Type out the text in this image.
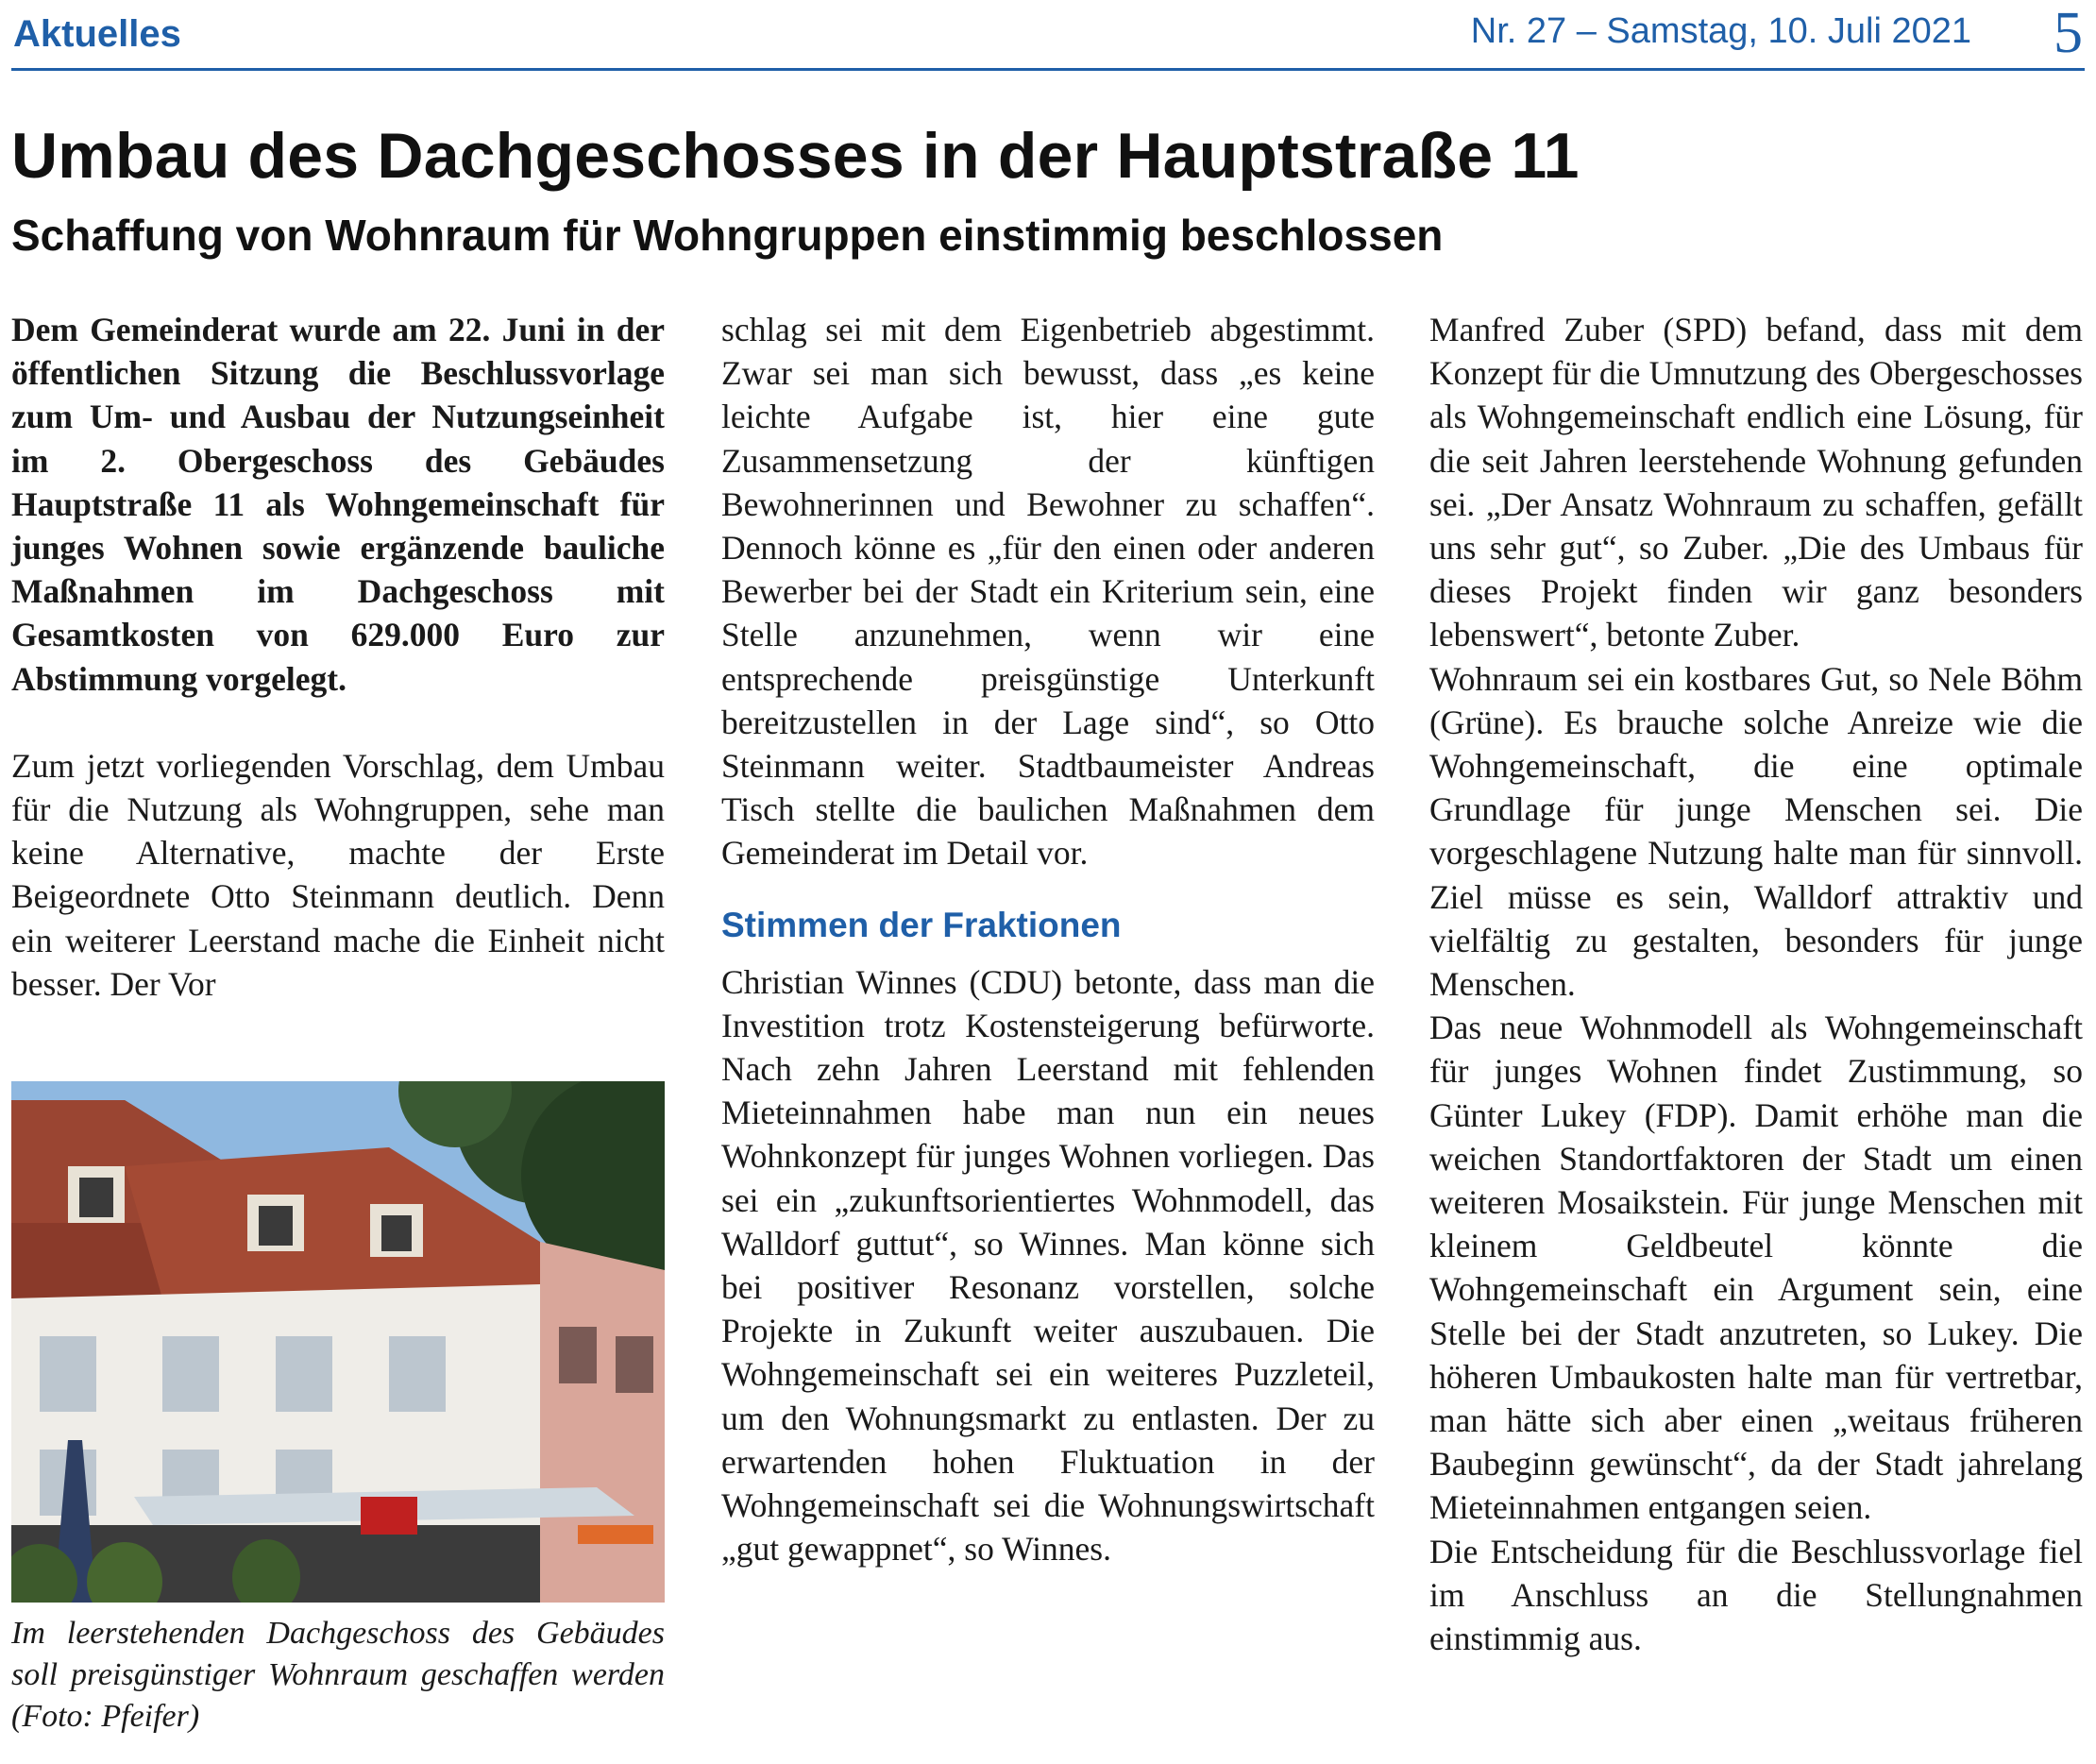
Aktuelles	Nr. 27 – Samstag, 10. Juli 2021 5
Umbau des Dachgeschosses in der Hauptstraße 11
Schaffung von Wohnraum für Wohngruppen einstimmig beschlossen

Dem Gemeinderat wurde am 22. Juni in der öffentlichen Sitzung die Beschlussvorlage zum Um- und Ausbau der Nutzungseinheit im 2. Obergeschoss des Gebäudes Hauptstraße 11 als Wohngemeinschaft für junges Wohnen sowie ergänzende bauliche Maßnahmen im Dachgeschoss mit Gesamtkosten von 629.000 Euro zur Abstimmung vorgelegt.

Zum jetzt vorliegenden Vorschlag, dem Umbau für die Nutzung als Wohngruppen, sehe man keine Alternative, machte der Erste Beigeordnete Otto Steinmann deutlich. Denn ein weiterer Leerstand mache die Einheit nicht besser. Der Vor

Im leerstehenden Dachgeschoss des Gebäudes soll preisgünstiger Wohnraum geschaffen werden (Foto: Pfeifer)

schlag sei mit dem Eigenbetrieb abgestimmt. Zwar sei man sich bewusst, dass „es keine leichte Aufgabe ist, hier eine gute Zusammensetzung der künftigen Bewohnerinnen und Bewohner zu schaffen“. Dennoch könne es „für den einen oder anderen Bewerber bei der Stadt ein Kriterium sein, eine Stelle anzunehmen, wenn wir eine entsprechende preisgünstige Unterkunft bereitzustellen in der Lage sind“, so Otto Steinmann weiter. Stadtbaumeister Andreas Tisch stellte die baulichen Maßnahmen dem Gemeinderat im Detail vor.

Stimmen der Fraktionen

Christian Winnes (CDU) betonte, dass man die Investition trotz Kostensteigerung befürworte. Nach zehn Jahren Leerstand mit fehlenden Mieteinnahmen habe man nun ein neues Wohnkonzept für junges Wohnen vorliegen. Das sei ein „zukunftsorientiertes Wohnmodell, das Walldorf guttut“, so Winnes. Man könne sich bei positiver Resonanz vorstellen, solche Projekte in Zukunft weiter auszubauen. Die Wohngemeinschaft sei ein weiteres Puzzleteil, um den Wohnungsmarkt zu entlasten. Der zu erwartenden hohen Fluktuation in der Wohngemeinschaft sei die Wohnungswirtschaft „gut gewappnet“, so Winnes.

Manfred Zuber (SPD) befand, dass mit dem Konzept für die Umnutzung des Obergeschosses als Wohngemeinschaft endlich eine Lösung, für die seit Jahren leerstehende Wohnung gefunden sei. „Der Ansatz Wohnraum zu schaffen, gefällt uns sehr gut“, so Zuber. „Die des Umbaus für dieses Projekt finden wir ganz besonders lebenswert“, betonte Zuber.

Wohnraum sei ein kostbares Gut, so Nele Böhm (Grüne). Es brauche solche Anreize wie die Wohngemeinschaft, die eine optimale Grundlage für junge Menschen sei. Die vorgeschlagene Nutzung halte man für sinnvoll. Ziel müsse es sein, Walldorf attraktiv und vielfältig zu gestalten, besonders für junge Menschen.

Das neue Wohnmodell als Wohngemeinschaft für junges Wohnen findet Zustimmung, so Günter Lukey (FDP). Damit erhöhe man die weichen Standortfaktoren der Stadt um einen weiteren Mosaikstein. Für junge Menschen mit kleinem Geldbeutel könnte die Wohngemeinschaft ein Argument sein, eine Stelle bei der Stadt anzutreten, so Lukey. Die höheren Umbaukosten halte man für vertretbar, man hätte sich aber einen „weitaus früheren Baubeginn gewünscht“, da der Stadt jahrelang Mieteinnahmen entgangen seien.

Die Entscheidung für die Beschlussvorlage fiel im Anschluss an die Stellungnahmen einstimmig aus.
